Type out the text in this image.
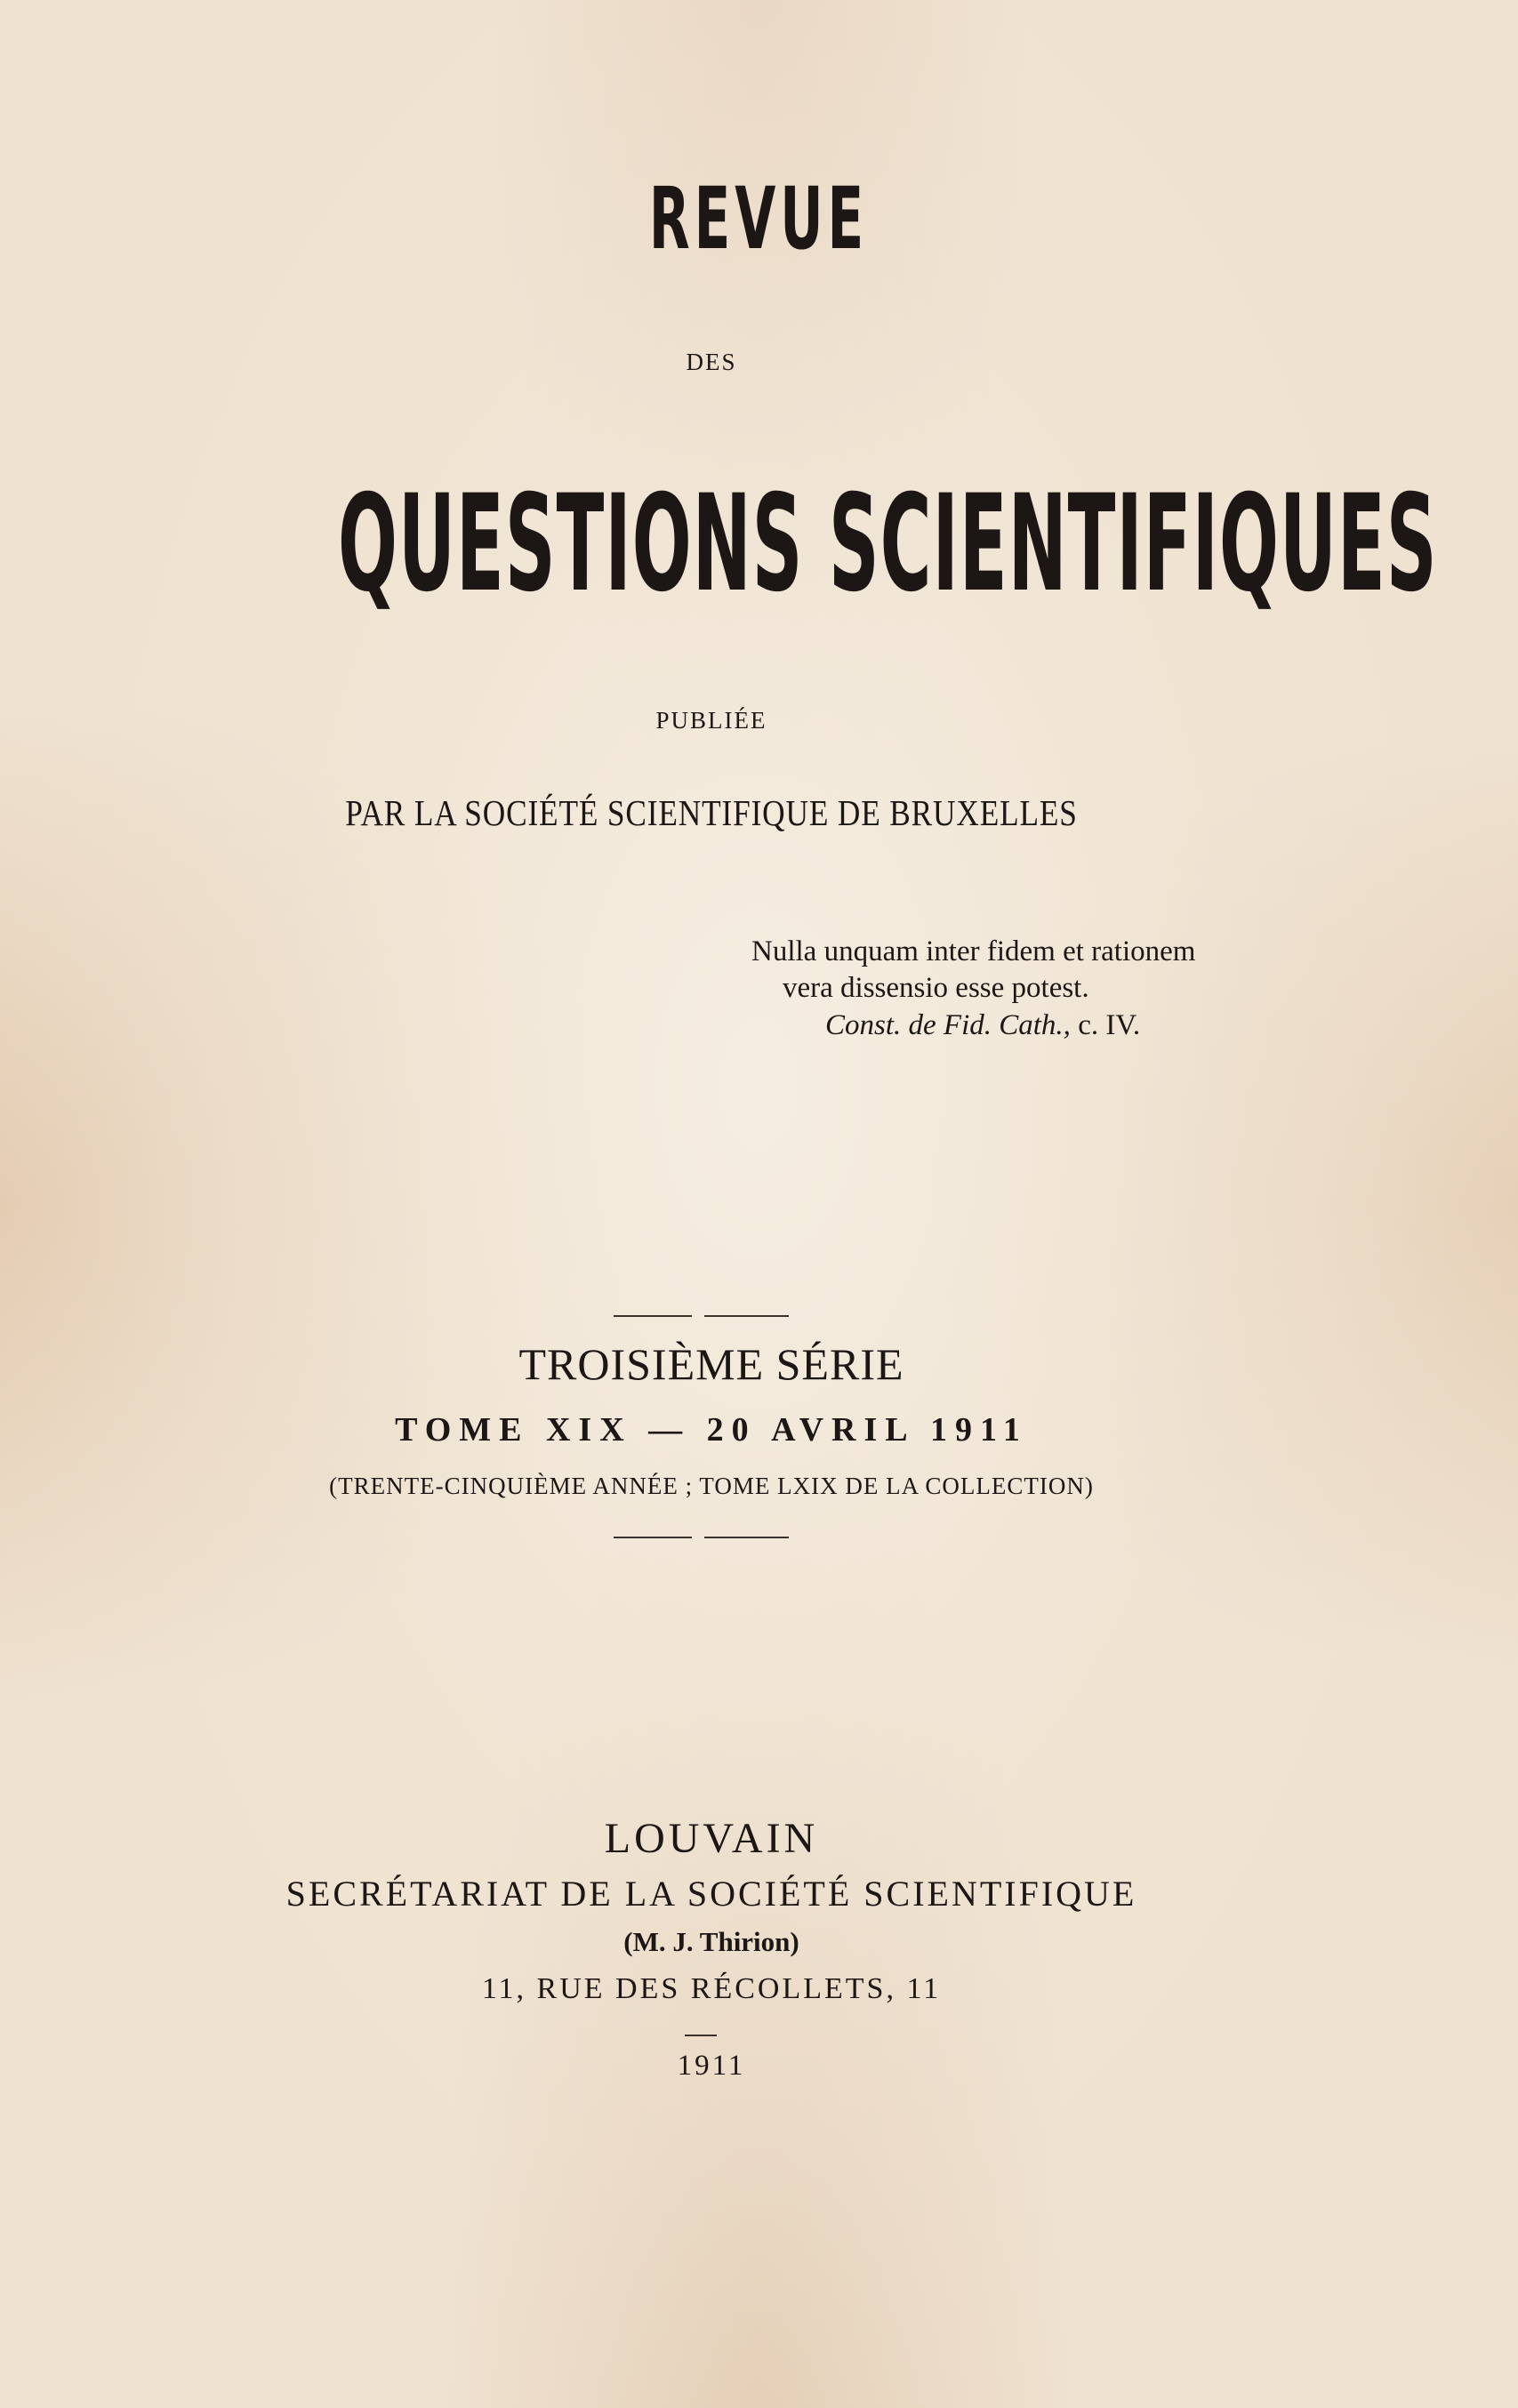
REVUE
DES
QUESTIONS SCIENTIFIQUES
PUBLIÉE
PAR LA SOCIÉTÉ SCIENTIFIQUE DE BRUXELLES
Nulla unquam inter fidem et rationem
vera dissensio esse potest.
Const. de Fid. Cath., c. IV.
TROISIÈME SÉRIE
TOME XIX — 20 AVRIL 1911
(TRENTE-CINQUIÈME ANNÉE ; TOME LXIX DE LA COLLECTION)
LOUVAIN
SECRÉTARIAT DE LA SOCIÉTÉ SCIENTIFIQUE
(M. J. Thirion)
11, RUE DES RÉCOLLETS, 11
1911
